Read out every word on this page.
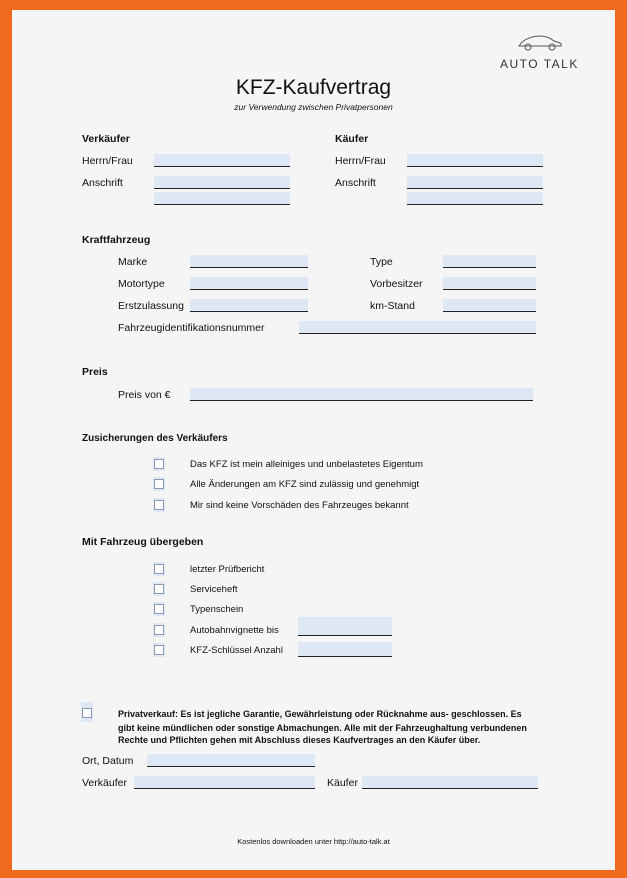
AUTO TALK
KFZ-Kaufvertrag
zur Verwendung zwischen Privatpersonen
Verkäufer	Käufer
Herrn/Frau	Herrn/Frau
Anschrift	Anschrift
Kraftfahrzeug
Marke	Type
Motortype	Vorbesitzer
Erstzulassung	km-Stand
Fahrzeugidentifikationsnummer
Preis
Preis von €
Zusicherungen des Verkäufers
Das KFZ ist mein alleiniges und unbelastetes Eigentum
Alle Änderungen am KFZ sind zulässig und genehmigt
Mir sind keine Vorschäden des Fahrzeuges bekannt
Mit Fahrzeug übergeben
letzter Prüfbericht
Serviceheft
Typenschein
Autobahnvignette bis
KFZ-Schlüssel Anzahl
Privatverkauf: Es ist jegliche Garantie, Gewährleistung oder Rücknahme aus- geschlossen. Es
gibt keine mündlichen oder sonstige Abmachungen. Alle mit der Fahrzeughaltung verbundenen
Rechte und Pflichten gehen mit Abschluss dieses Kaufvertrages an den Käufer über.
Ort, Datum
Verkäufer	Käufer
Kostenlos downloaden unter http://auto-talk.at
